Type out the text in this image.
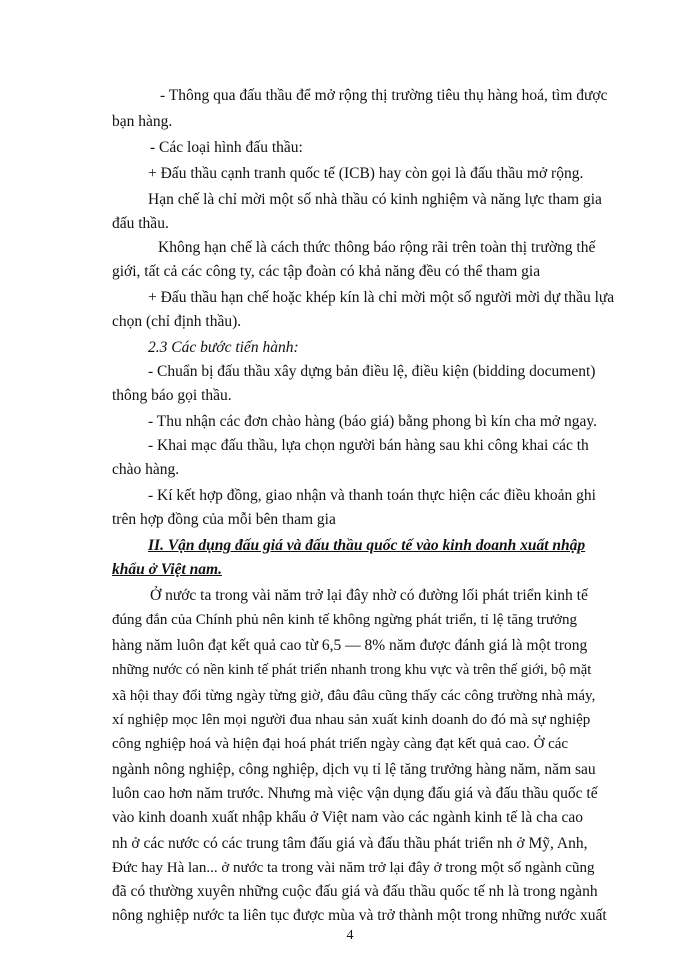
- Thông qua đấu thầu để mở rộng thị trường tiêu thụ hàng hoá, tìm được
bạn hàng.
- Các loại hình đấu thầu:
+ Đấu thầu cạnh tranh quốc tế (ICB) hay còn gọi là đấu thầu mở rộng.
Hạn chế là chỉ mời một số nhà thầu có kinh nghiệm và năng lực tham gia
đấu thầu.
Không hạn chế là cách thức thông báo rộng rãi trên toàn thị trường thế
giới, tất cả các công ty, các tập đoàn có khả năng đều có thể tham gia
+ Đấu thầu hạn chế hoặc khép kín là chỉ mời một số người mời dự thầu lựa
chọn (chỉ định thầu).
2.3 Các bước tiến hành:
- Chuẩn bị đấu thầu xây dựng bản điều lệ, điều kiện (bidding document)
thông báo gọi thầu.
- Thu nhận các đơn chào hàng (báo giá) bằng phong bì kín cha mở ngay.
- Khai mạc đấu thầu, lựa chọn người bán hàng sau khi công khai các th
chào hàng.
- Kí kết hợp đồng, giao nhận và thanh toán thực hiện các điều khoản ghi
trên hợp đồng của mỗi bên tham gia
II. Vận dụng đấu giá và đấu thầu quốc tế vào kinh doanh xuất nhập
khẩu ở Việt nam.
Ở nước ta trong vài năm trở lại đây nhờ có đường lối phát triển kinh tế
đúng đắn của Chính phủ nên kinh tế không ngừng phát triển, tỉ lệ tăng trưởng
hàng năm luôn đạt kết quả cao từ 6,5 — 8% năm được đánh giá là một trong
những nước có nền kinh tế phát triển nhanh trong khu vực và trên thế giới, bộ mặt
xã hội thay đổi từng ngày từng giờ, đâu đâu cũng thấy các công trường nhà máy,
xí nghiệp mọc lên mọi người đua nhau sản xuất kinh doanh do đó mà sự nghiệp
công nghiệp hoá và hiện đại hoá phát triển ngày càng đạt kết quả cao. Ở các
ngành nông nghiệp, công nghiệp, dịch vụ tỉ lệ tăng trưởng hàng năm, năm sau
luôn cao hơn năm trước. Nhưng mà việc vận dụng đấu giá và đấu thầu quốc tế
vào kinh doanh xuất nhập khẩu ở Việt nam vào các ngành kinh tế là cha cao
nh ở các nước có các trung tâm đấu giá và đấu thầu phát triển nh ở Mỹ, Anh,
Đức hay Hà lan... ở nước ta trong vài năm trở lại đây ở trong một số ngành cũng
đã có thường xuyên những cuộc đấu giá và đấu thầu quốc tế nh là trong ngành
nông nghiệp nước ta liên tục được mùa và trở thành một trong những nước xuất
4
